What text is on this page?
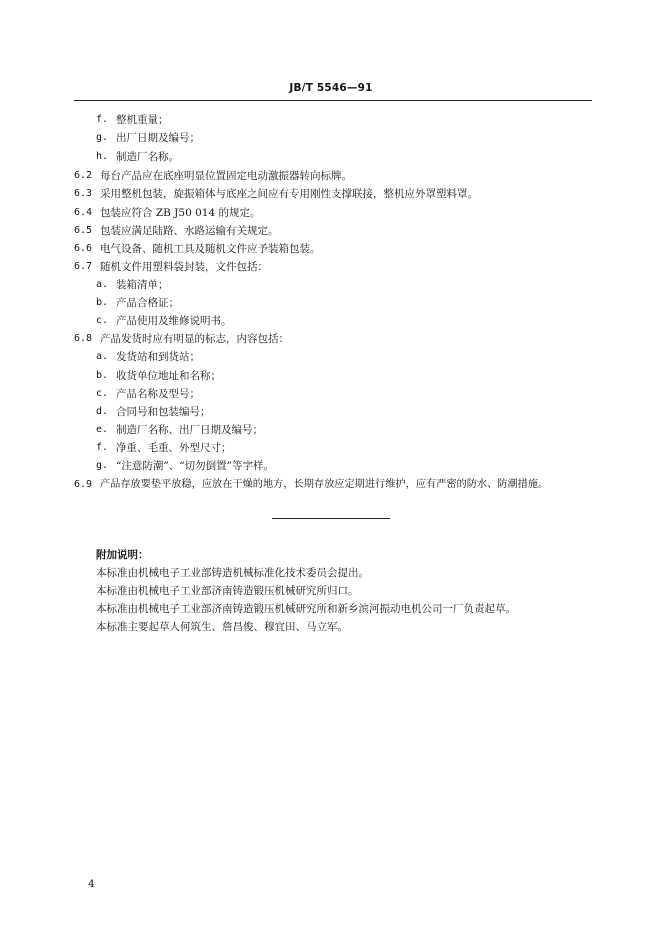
JB/T 5546—91
f. 整机重量；
g. 出厂日期及编号；
h. 制造厂名称。
6.2 每台产品应在底座明显位置固定电动激振器转向标牌。
6.3 采用整机包装，旋振箱体与底座之间应有专用刚性支撑联接，整机应外罩塑料罩。
6.4 包装应符合 ZB J50 014 的规定。
6.5 包装应满足陆路、水路运输有关规定。
6.6 电气设备、随机工具及随机文件应予装箱包装。
6.7 随机文件用塑料袋封装，文件包括：
a. 装箱清单；
b. 产品合格证；
c. 产品使用及维修说明书。
6.8 产品发货时应有明显的标志，内容包括：
a. 发货站和到货站；
b. 收货单位地址和名称；
c. 产品名称及型号；
d. 合同号和包装编号；
e. 制造厂名称、出厂日期及编号；
f. 净重、毛重、外型尺寸；
g. “注意防潮”、“切勿倒置”等字样。
6.9 产品存放要垫平放稳，应放在干燥的地方，长期存放应定期进行维护，应有严密的防水、防潮措施。
附加说明：
本标准由机械电子工业部铸造机械标准化技术委员会提出。
本标准由机械电子工业部济南铸造锻压机械研究所归口。
本标准由机械电子工业部济南铸造锻压机械研究所和新乡滨河振动电机公司一厂负责起草。
本标准主要起草人何筑生、詹昌俊、穆宜田、马立军。
4
